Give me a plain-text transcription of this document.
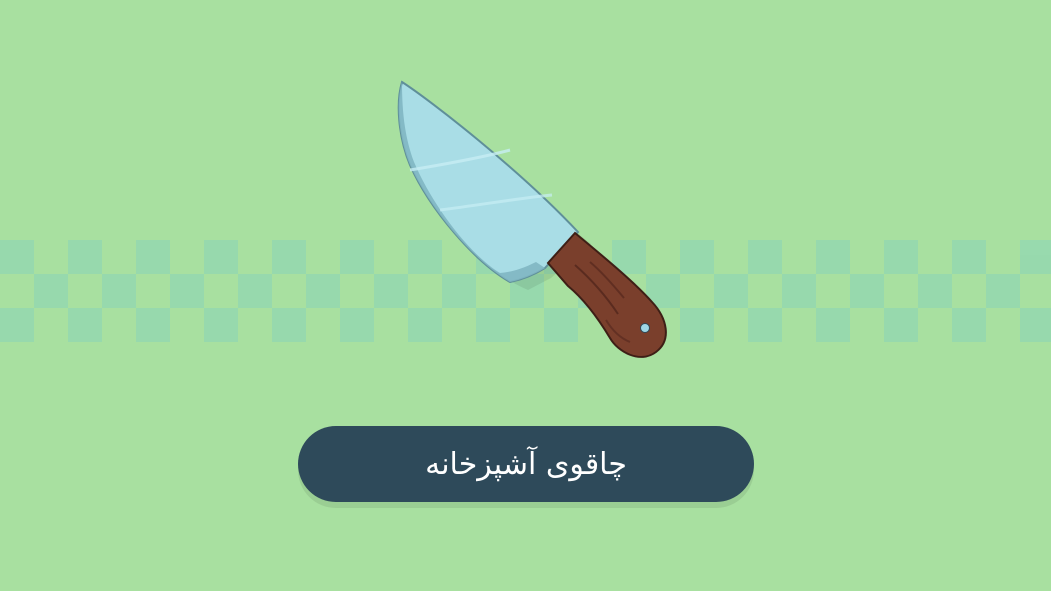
چاقوی آشپزخانه
